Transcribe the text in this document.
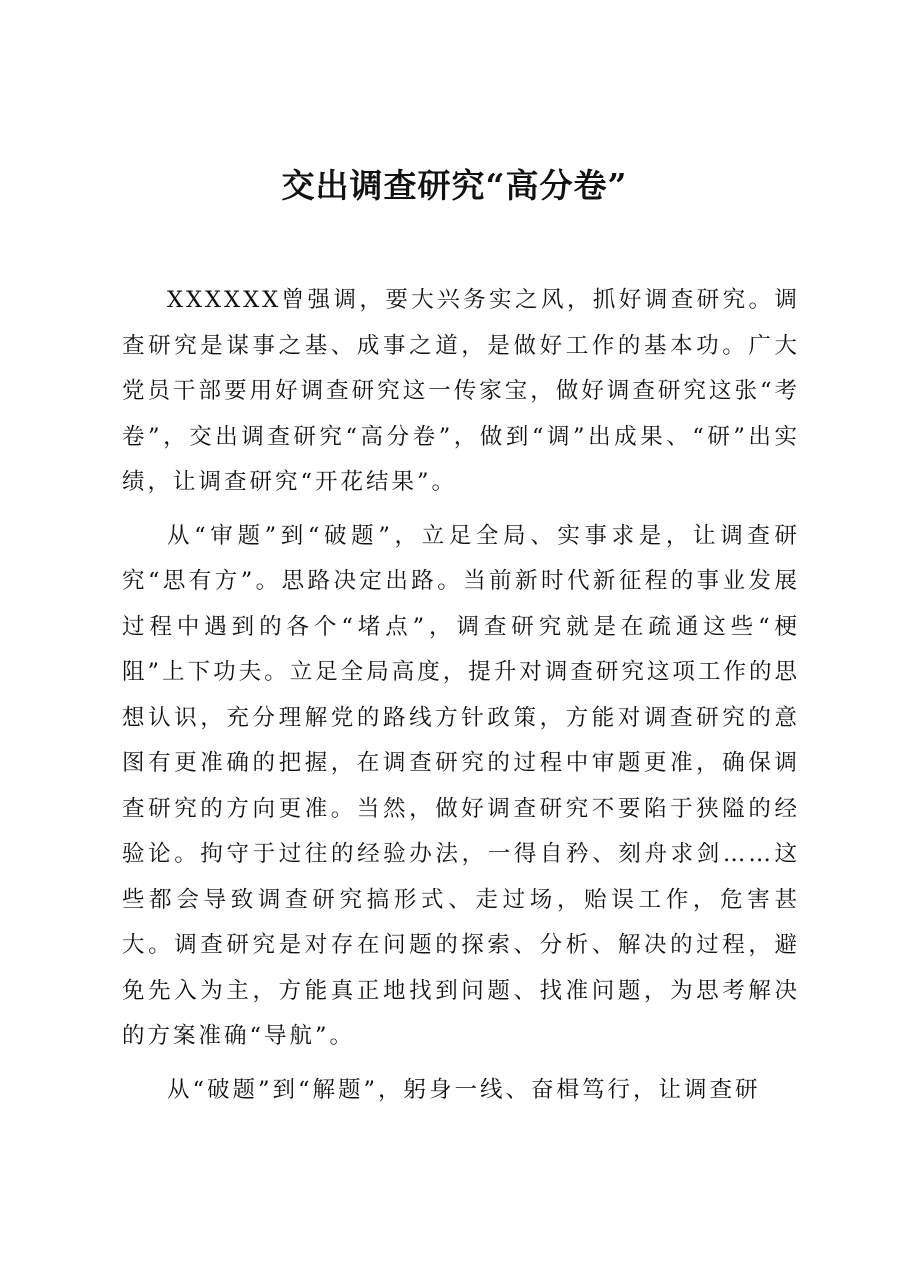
交出调查研究“高分卷”

XXXXXX曾强调，要大兴务实之风，抓好调查研究。调查研究是谋事之基、成事之道，是做好工作的基本功。广大党员干部要用好调查研究这一传家宝，做好调查研究这张“考卷”，交出调查研究“高分卷”，做到“调”出成果、“研”出实绩，让调查研究“开花结果”。

从“审题”到“破题”，立足全局、实事求是，让调查研究“思有方”。思路决定出路。当前新时代新征程的事业发展过程中遇到的各个“堵点”，调查研究就是在疏通这些“梗阻”上下功夫。立足全局高度，提升对调查研究这项工作的思想认识，充分理解党的路线方针政策，方能对调查研究的意图有更准确的把握，在调查研究的过程中审题更准，确保调查研究的方向更准。当然，做好调查研究不要陷于狭隘的经验论。拘守于过往的经验办法，一得自矜、刻舟求剑……这些都会导致调查研究搞形式、走过场，贻误工作，危害甚大。调查研究是对存在问题的探索、分析、解决的过程，避免先入为主，方能真正地找到问题、找准问题，为思考解决的方案准确“导航”。

从“破题”到“解题”，躬身一线、奋楫笃行，让调查研
